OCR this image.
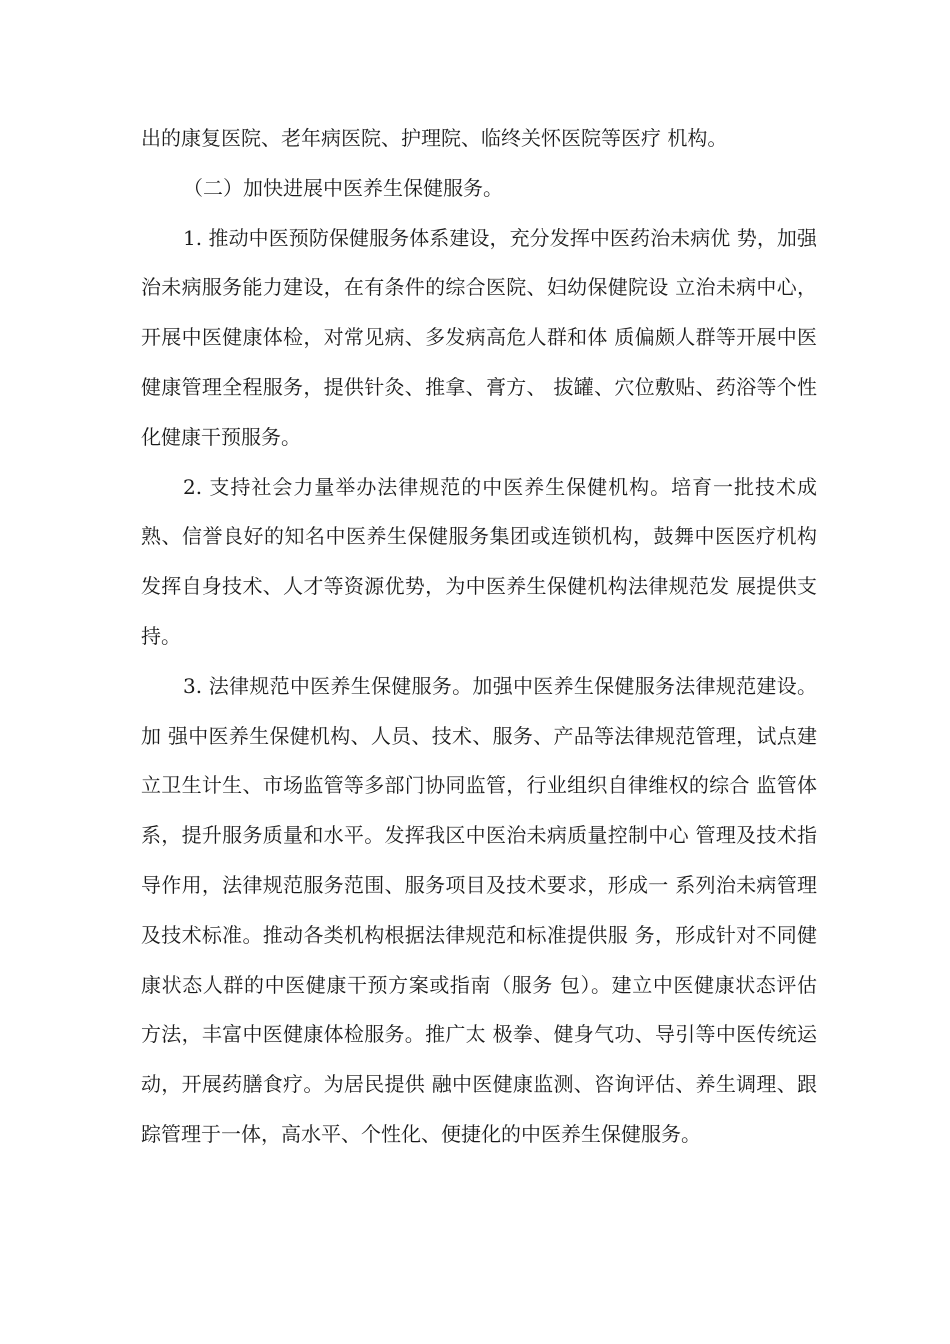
出的康复医院、老年病医院、护理院、临终关怀医院等医疗 机构。

（二）加快进展中医养生保健服务。

1. 推动中医预防保健服务体系建设，充分发挥中医药治未病优 势，加强治未病服务能力建设，在有条件的综合医院、妇幼保健院设 立治未病中心，开展中医健康体检，对常见病、多发病高危人群和体 质偏颇人群等开展中医健康管理全程服务，提供针灸、推拿、膏方、 拔罐、穴位敷贴、药浴等个性化健康干预服务。

2. 支持社会力量举办法律规范的中医养生保健机构。培育一批技术成 熟、信誉良好的知名中医养生保健服务集团或连锁机构，鼓舞中医医疗机构发挥自身技术、人才等资源优势，为中医养生保健机构法律规范发 展提供支持。

3. 法律规范中医养生保健服务。加强中医养生保健服务法律规范建设。加 强中医养生保健机构、人员、技术、服务、产品等法律规范管理，试点建 立卫生计生、市场监管等多部门协同监管，行业组织自律维权的综合 监管体系，提升服务质量和水平。发挥我区中医治未病质量控制中心 管理及技术指导作用，法律规范服务范围、服务项目及技术要求，形成一 系列治未病管理及技术标准。推动各类机构根据法律规范和标准提供服 务，形成针对不同健康状态人群的中医健康干预方案或指南（服务 包）。建立中医健康状态评估方法，丰富中医健康体检服务。推广太 极拳、健身气功、导引等中医传统运动，开展药膳食疗。为居民提供 融中医健康监测、咨询评估、养生调理、跟踪管理于一体，高水平、个性化、便捷化的中医养生保健服务。
